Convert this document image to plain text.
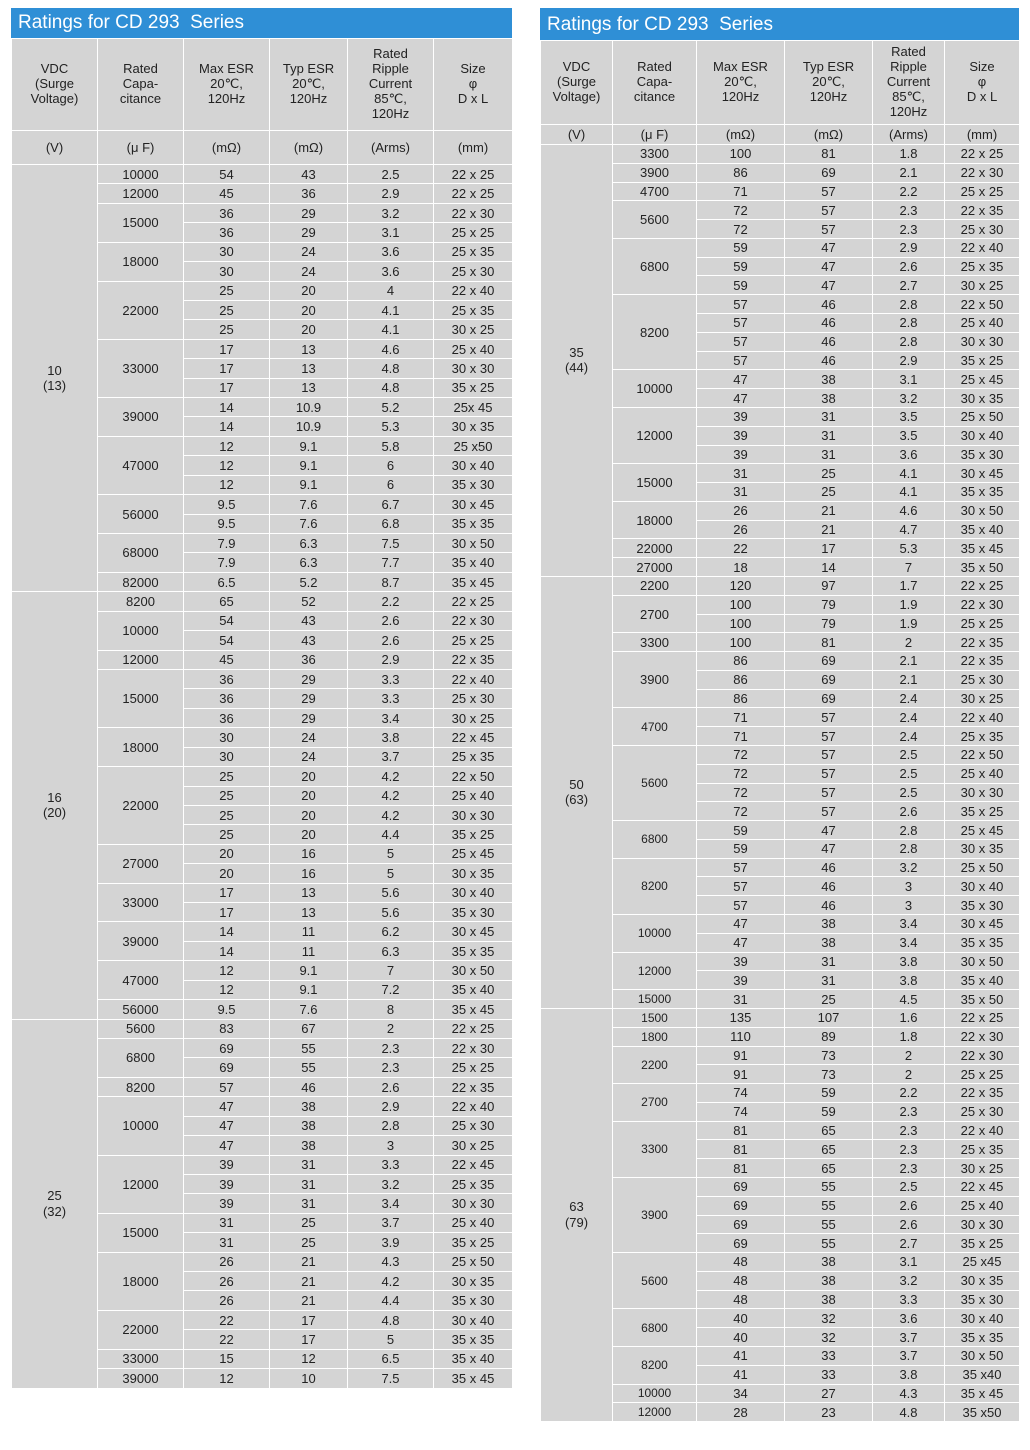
Ratings for CD 293  Series
VDC
(Surge
Voltage)	Rated
Capa-
citance	Max ESR
20℃,
120Hz	Typ ESR
20℃,
120Hz	Rated
Ripple
Current
85℃,
120Hz	Size
φ
D x L
(V)	(μ F)	(mΩ)	(mΩ)	(Arms)	(mm)
10
(13)	10000	54	43	2.5	22 x 25
	12000	45	36	2.9	22 x 25
	15000	36	29	3.2	22 x 30
		36	29	3.1	25 x 25
	18000	30	24	3.6	25 x 35
		30	24	3.6	25 x 30
	22000	25	20	4	22 x 40
		25	20	4.1	25 x 35
		25	20	4.1	30 x 25
	33000	17	13	4.6	25 x 40
		17	13	4.8	30 x 30
		17	13	4.8	35 x 25
	39000	14	10.9	5.2	25x 45
		14	10.9	5.3	30 x 35
	47000	12	9.1	5.8	25 x50
		12	9.1	6	30 x 40
		12	9.1	6	35 x 30
	56000	9.5	7.6	6.7	30 x 45
		9.5	7.6	6.8	35 x 35
	68000	7.9	6.3	7.5	30 x 50
		7.9	6.3	7.7	35 x 40
	82000	6.5	5.2	8.7	35 x 45
16
(20)	8200	65	52	2.2	22 x 25
	10000	54	43	2.6	22 x 30
		54	43	2.6	25 x 25
	12000	45	36	2.9	22 x 35
	15000	36	29	3.3	22 x 40
		36	29	3.3	25 x 30
		36	29	3.4	30 x 25
	18000	30	24	3.8	22 x 45
		30	24	3.7	25 x 35
	22000	25	20	4.2	22 x 50
		25	20	4.2	25 x 40
		25	20	4.2	30 x 30
		25	20	4.4	35 x 25
	27000	20	16	5	25 x 45
		20	16	5	30 x 35
	33000	17	13	5.6	30 x 40
		17	13	5.6	35 x 30
	39000	14	11	6.2	30 x 45
		14	11	6.3	35 x 35
	47000	12	9.1	7	30 x 50
		12	9.1	7.2	35 x 40
	56000	9.5	7.6	8	35 x 45
25
(32)	5600	83	67	2	22 x 25
	6800	69	55	2.3	22 x 30
		69	55	2.3	25 x 25
	8200	57	46	2.6	22 x 35
	10000	47	38	2.9	22 x 40
		47	38	2.8	25 x 30
		47	38	3	30 x 25
	12000	39	31	3.3	22 x 45
		39	31	3.2	25 x 35
		39	31	3.4	30 x 30
	15000	31	25	3.7	25 x 40
		31	25	3.9	35 x 25
	18000	26	21	4.3	25 x 50
		26	21	4.2	30 x 35
		26	21	4.4	35 x 30
	22000	22	17	4.8	30 x 40
		22	17	5	35 x 35
	33000	15	12	6.5	35 x 40
	39000	12	10	7.5	35 x 45
Ratings for CD 293  Series
VDC
(Surge
Voltage)	Rated
Capa-
citance	Max ESR
20℃,
120Hz	Typ ESR
20℃,
120Hz	Rated
Ripple
Current
85℃,
120Hz	Size
φ
D x L
(V)	(μ F)	(mΩ)	(mΩ)	(Arms)	(mm)
35
(44)	3300	100	81	1.8	22 x 25
	3900	86	69	2.1	22 x 30
	4700	71	57	2.2	25 x 25
	5600	72	57	2.3	22 x 35
		72	57	2.3	25 x 30
	6800	59	47	2.9	22 x 40
		59	47	2.6	25 x 35
		59	47	2.7	30 x 25
	8200	57	46	2.8	22 x 50
		57	46	2.8	25 x 40
		57	46	2.8	30 x 30
		57	46	2.9	35 x 25
	10000	47	38	3.1	25 x 45
		47	38	3.2	30 x 35
	12000	39	31	3.5	25 x 50
		39	31	3.5	30 x 40
		39	31	3.6	35 x 30
	15000	31	25	4.1	30 x 45
		31	25	4.1	35 x 35
	18000	26	21	4.6	30 x 50
		26	21	4.7	35 x 40
	22000	22	17	5.3	35 x 45
	27000	18	14	7	35 x 50
50
(63)	2200	120	97	1.7	22 x 25
	2700	100	79	1.9	22 x 30
		100	79	1.9	25 x 25
	3300	100	81	2	22 x 35
	3900	86	69	2.1	22 x 35
		86	69	2.1	25 x 30
		86	69	2.4	30 x 25
	4700	71	57	2.4	22 x 40
		71	57	2.4	25 x 35
	5600	72	57	2.5	22 x 50
		72	57	2.5	25 x 40
		72	57	2.5	30 x 30
		72	57	2.6	35 x 25
	6800	59	47	2.8	25 x 45
		59	47	2.8	30 x 35
	8200	57	46	3.2	25 x 50
		57	46	3	30 x 40
		57	46	3	35 x 30
	10000	47	38	3.4	30 x 45
		47	38	3.4	35 x 35
	12000	39	31	3.8	30 x 50
		39	31	3.8	35 x 40
	15000	31	25	4.5	35 x 50
63
(79)	1500	135	107	1.6	22 x 25
	1800	110	89	1.8	22 x 30
	2200	91	73	2	22 x 30
		91	73	2	25 x 25
	2700	74	59	2.2	22 x 35
		74	59	2.3	25 x 30
	3300	81	65	2.3	22 x 40
		81	65	2.3	25 x 35
		81	65	2.3	30 x 25
	3900	69	55	2.5	22 x 45
		69	55	2.6	25 x 40
		69	55	2.6	30 x 30
		69	55	2.7	35 x 25
	5600	48	38	3.1	25 x45
		48	38	3.2	30 x 35
		48	38	3.3	35 x 30
	6800	40	32	3.6	30 x 40
		40	32	3.7	35 x 35
	8200	41	33	3.7	30 x 50
		41	33	3.8	35 x40
	10000	34	27	4.3	35 x 45
	12000	28	23	4.8	35 x50
